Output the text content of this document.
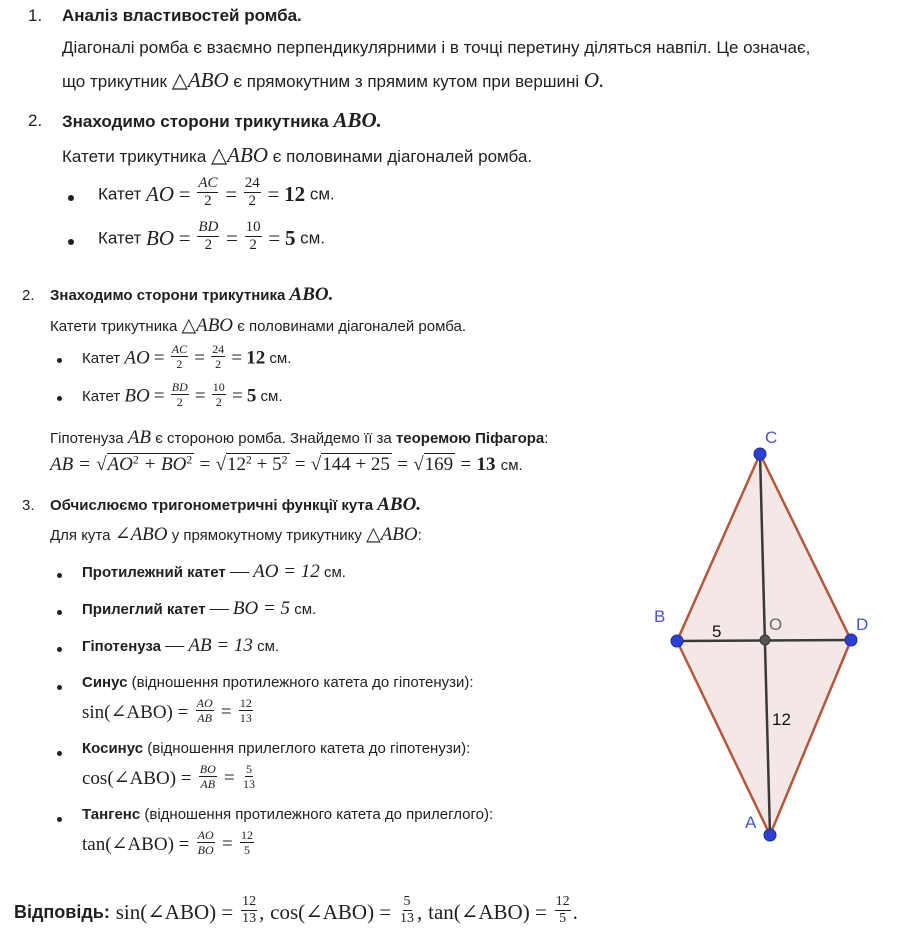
1. Аналіз властивостей ромба.
Діагоналі ромба є взаємно перпендикулярними і в точці перетину діляться навпіл. Це означає,
що трикутник △ABO є прямокутним з прямим кутом при вершині O.
2. Знаходимо сторони трикутника ABO.
Катети трикутника △ABO є половинами діагоналей ромба.
Катет AO = $\frac{AC}{2} = \frac{24}{2} = 12$ см.
Катет BO = $\frac{BD}{2} = \frac{10}{2} = 5$ см.
2. Знаходимо сторони трикутника ABO.
Катети трикутника △ABO є половинами діагоналей ромба.
Катет AO = $\frac{AC}{2} = \frac{24}{2} = 12$ см.
Катет BO = $\frac{BD}{2} = \frac{10}{2} = 5$ см.
Гіпотенуза AB є стороною ромба. Знайдемо її за теоремою Піфагора:
AB = $√AO^2 + BO^2 = √12^2 + 5^2 = √144 + 25 = √169 = 13$ см.
3. Обчислюємо тригонометричні функції кута ABO.
Для кута ∠ABO у прямокутному трикутнику △ABO:
Протилежний катет — AO = 12 см.
Прилеглий катет — BO = 5 см.
Гіпотенуза — AB = 13 см.
Синус (відношення протилежного катета до гіпотенузи):
sin(∠ABO) = $\frac{AO}{AB} = \frac{12}{13}$
Косинус (відношення прилеглого катета до гіпотенузи):
cos(∠ABO) = $\frac{BO}{AB} = \frac{5}{13}$
Тангенс (відношення протилежного катета до прилеглого):
tan(∠ABO) = $\frac{AO}{BO} = \frac{12}{5}$
Відповідь: sin(∠ABO) = $\frac{12}{13}$ , cos(∠ABO) = $\frac{5}{13}$ , tan(∠ABO) = $\frac{12}{5}$ .
C
D
A
B	O
5
12
